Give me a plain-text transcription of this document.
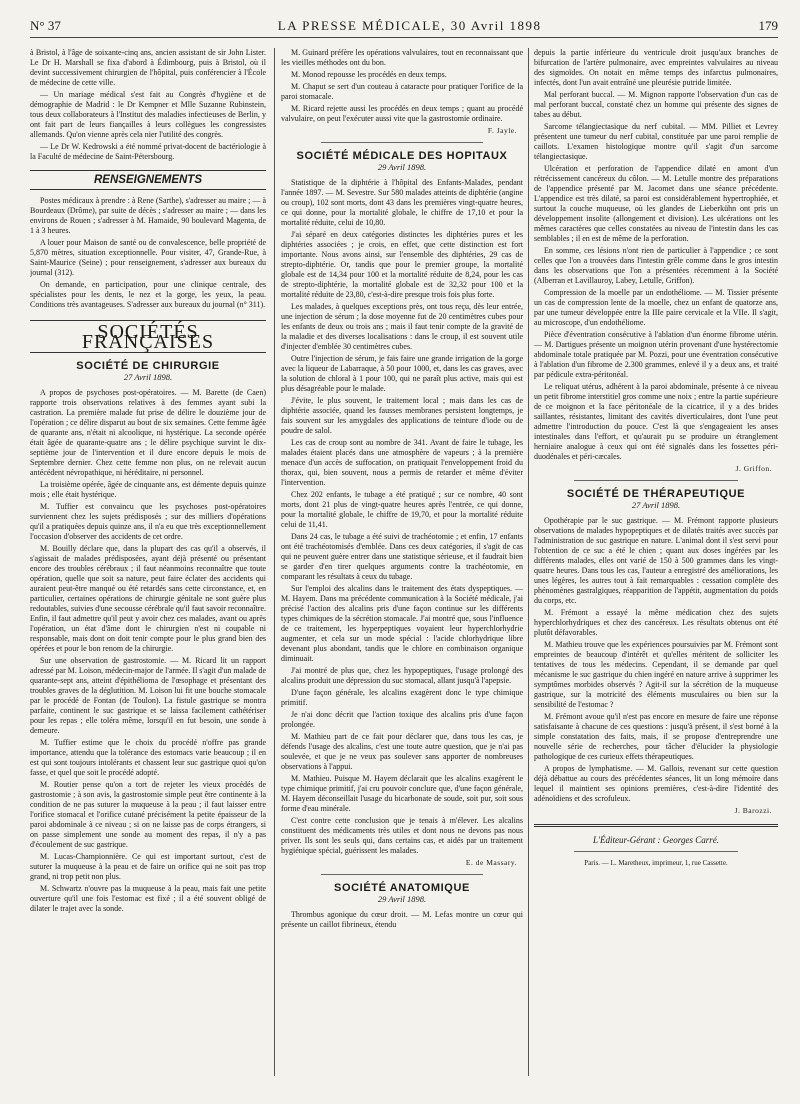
N° 37	LA PRESSE MÉDICALE, 30 Avril 1898	179

à Bristol, à l'âge de soixante-cinq ans, ancien assistant de sir John Lister. Le Dr H. Marshall se fixa d'abord à Édimbourg, puis à Bristol, où il devint successivement chirurgien de l'hôpital, puis conférencier à l'École de médecine de cette ville.

— Un mariage médical s'est fait au Congrès d'hygiène et de démographie de Madrid : le Dr Kempner et Mlle Suzanne Rubinstein, tous deux collaborateurs à l'Institut des maladies infectieuses de Berlin, y ont fait part de leurs fiançailles à leurs collègues les congressistes allemands. Qu'on vienne après cela nier l'utilité des congrès.

— Le Dr W. Kedrowski a été nommé privat-docent de bactériologie à la Faculté de médecine de Saint-Pétersbourg.

RENSEIGNEMENTS

Postes médicaux à prendre : à Rene (Sarthe), s'adresser au maire ; — à Bourdeaux (Drôme), par suite de décès ; s'adresser au maire ; — dans les environs de Rouen ; s'adresser à M. Hamaide, 90 boulevard Magenta, de 1 à 3 heures.

A louer pour Maison de santé ou de convalescence, belle propriété de 5,870 mètres, situation exceptionnelle. Pour visiter, 47, Grande-Rue, à Saint-Maurice (Seine) ; pour renseignement, s'adresser aux bureaux du journal (312).

On demande, en participation, pour une clinique centrale, des spécialistes pour les dents, le nez et la gorge, les yeux, la peau. Conditions très avantageuses. S'adresser aux bureaux du journal (n° 311).

SOCIÉTÉS FRANÇAISES
SOCIÉTÉ DE CHIRURGIE
27 Avril 1898.

A propos de psychoses post-opératoires. — M. Barette (de Caen) rapporte trois observations relatives à des femmes ayant subi la castration. La première malade fut prise de délire le douzième jour de l'opération ; ce délire disparut au bout de six semaines. Cette femme âgée de quarante ans, n'était ni alcoolique, ni hystérique. La seconde opérée était âgée de quarante-quatre ans ; le délire psychique survint le dix-septième jour de l'intervention et il dure encore depuis le mois de Septembre dernier. Chez cette femme non plus, on ne relevait aucun antécédent névropathique, ni héréditaire, ni personnel.

La troisième opérée, âgée de cinquante ans, est démente depuis quinze mois ; elle était hystérique.

M. Tuffier est convaincu que les psychoses post-opératoires surviennent chez les sujets prédisposés ; sur des milliers d'opérations qu'il a pratiquées depuis quinze ans, il n'a eu que très exceptionnellement l'occasion d'observer des accidents de cet ordre.

M. Bouilly déclare que, dans la plupart des cas qu'il a observés, il s'agissait de malades prédisposées, ayant déjà présenté ou présentant encore des troubles cérébraux ; il faut néanmoins reconnaître que toute opération, quelle que soit sa nature, peut faire éclater des accidents qui auraient peut-être manqué ou été retardés sans cette circonstance, et, en particulier, certaines opérations de chirurgie génitale ne sont guère plus redoutables, suivies d'une secousse cérébrale qu'il faut savoir reconnaître. Enfin, il faut admettre qu'il peut y avoir chez ces malades, avant ou après l'opération, un état d'âme dont le chirurgien n'est ni coupable ni responsable, mais dont on doit tenir compte pour le plus grand bien des opérées et pour le bon renom de la chirurgie.

Sur une observation de gastrostomie. — M. Ricard lit un rapport adressé par M. Loison, médecin-major de l'armée. Il s'agit d'un malade de quarante-sept ans, atteint d'épithélioma de l'œsophage et présentant des troubles graves de la déglutition. M. Loison lui fit une bouche stomacale par le procédé de Fontan (de Toulon). La fistule gastrique se montra parfaite, continent le suc gastrique et se laissa facilement cathétériser pour les repas ; elle toléra même, lorsqu'il en fut besoin, une sonde à demeure.

M. Tuffier estime que le choix du procédé n'offre pas grande importance, attendu que la tolérance des estomacs varie beaucoup ; il en est qui sont toujours intolérants et chassent leur suc gastrique quoi qu'on fasse, et quel que soit le procédé adopté.

M. Routier pense qu'on a tort de rejeter les vieux procédés de gastrostomie ; à son avis, la gastrostomie simple peut être continente à la condition de ne pas suturer la muqueuse à la peau ; il faut laisser entre l'orifice stomacal et l'orifice cutané précisément la petite épaisseur de la paroi abdominale à ce niveau ; si on ne laisse pas de corps étrangers, si on passe simplement une sonde au moment des repas, il n'y a pas d'écoulement de suc gastrique.

M. Lucas-Championnière. Ce qui est important surtout, c'est de suturer la muqueuse à la peau et de faire un orifice qui ne soit pas trop grand, ni trop petit non plus.

M. Schwartz n'ouvre pas la muqueuse à la peau, mais fait une petite ouverture qu'il une fois l'estomac est fixé ; il a été souvent obligé de dilater le trajet avec la sonde.

M. Guinard préfère les opérations valvulaires, tout en reconnaissant que les vieilles méthodes ont du bon.

M. Monod repousse les procédés en deux temps.

M. Chaput se sert d'un couteau à cataracte pour pratiquer l'orifice de la paroi stomacale.

M. Ricard rejette aussi les procédés en deux temps ; quant au procédé valvulaire, on peut l'exécuter aussi vite que la gastrostomie ordinaire.

F. Jayle.
SOCIÉTÉ MÉDICALE DES HOPITAUX
29 Avril 1898.

Statistique de la diphtérie à l'hôpital des Enfants-Malades, pendant l'année 1897. — M. Sevestre. Sur 580 malades atteints de diphtérie (angine ou croup), 102 sont morts, dont 43 dans les premières vingt-quatre heures, ce qui donne, pour la mortalité globale, le chiffre de 17,10 et pour la mortalité réduite, celui de 10,80.

J'ai séparé en deux catégories distinctes les diphtéries pures et les diphtéries associées ; je crois, en effet, que cette distinction est fort importante. Nous avons ainsi, sur l'ensemble des diphtéries, 29 cas de strepto-diphtérie. Or, tandis que pour le premier groupe, la mortalité globale est de 14,34 pour 100 et la mortalité réduite de 8,24, pour les cas de strepto-diphtérie, la mortalité globale est de 32,32 pour 100 et la mortalité réduite de 23,80, c'est-à-dire presque trois fois plus forte.

Les malades, à quelques exceptions près, ont tous reçu, dès leur entrée, une injection de sérum ; la dose moyenne fut de 20 centimètres cubes pour les enfants de deux ou trois ans ; mais il faut tenir compte de la gravité de la maladie et des diverses localisations : dans le croup, il est souvent utile d'injecter d'emblée 30 centimètres cubes.

Outre l'injection de sérum, je fais faire une grande irrigation de la gorge avec la liqueur de Labarraque, à 50 pour 1000, et, dans les cas graves, avec la solution de chloral à 1 pour 100, qui ne paraît plus active, mais qui est plus désagréable pour le malade.

J'évite, le plus souvent, le traitement local ; mais dans les cas de diphtérie associée, quand les fausses membranes persistent longtemps, je fais souvent sur les amygdales des applications de teinture d'iode ou de poudre de salol.

Les cas de croup sont au nombre de 341. Avant de faire le tubage, les malades étaient placés dans une atmosphère de vapeurs ; à la première menace d'un accès de suffocation, on pratiquait l'enveloppement froid du thorax, qui, bien souvent, nous a permis de retarder et même d'éviter l'intervention.

Chez 202 enfants, le tubage a été pratiqué ; sur ce nombre, 40 sont morts, dont 21 plus de vingt-quatre heures après l'entrée, ce qui donne, pour la mortalité globale, le chiffre de 19,70, et pour la mortalité réduite celui de 11,41.

Dans 24 cas, le tubage a été suivi de trachéotomie ; et enfin, 17 enfants ont été trachéotomisés d'emblée. Dans ces deux catégories, il s'agit de cas qui ne peuvent guère entrer dans une statistique sérieuse, et il faudrait bien se garder d'en tirer quelques arguments contre la trachéotomie, en comparant les résultats à ceux du tubage.

Sur l'emploi des alcalins dans le traitement des états dyspeptiques. — M. Hayem. Dans ma précédente communication à la Société médicale, j'ai précisé l'action des alcalins pris d'une façon continue sur les différents types chimiques de la sécrétion stomacale. J'ai montré que, sous l'influence de ce traitement, les hyperpeptiques voyaient leur hyperchlorhydrie augmenter, et cela sur un mode spécial : l'acide chlorhydrique libre devenant plus abondant, tandis que le chlore en combinaison organique diminuait.

J'ai montré de plus que, chez les hypopeptiques, l'usage prolongé des alcalins produit une dépression du suc stomacal, allant jusqu'à l'apepsie.

D'une façon générale, les alcalins exagèrent donc le type chimique primitif.

Je n'ai donc décrit que l'action toxique des alcalins pris d'une façon prolongée.

M. Mathieu part de ce fait pour déclarer que, dans tous les cas, je défends l'usage des alcalins, c'est une toute autre question, que je n'ai pas soulevée, et que je ne veux pas soulever sans apporter de nombreuses observations à l'appui.

M. Mathieu. Puisque M. Hayem déclarait que les alcalins exagèrent le type chimique primitif, j'ai cru pouvoir conclure que, d'une façon générale, M. Hayem déconseillait l'usage du bicarbonate de soude, soit pur, soit sous forme d'eau minérale.

C'est contre cette conclusion que je tenais à m'élever. Les alcalins constituent des médicaments très utiles et dont nous ne devons pas nous priver. Ils sont les seuls qui, dans certains cas, et aidés par un traitement hygiénique spécial, guérissent les malades.

E. de Massary.
SOCIÉTÉ ANATOMIQUE
29 Avril 1898.

Thrombus agonique du cœur droit. — M. Lefas montre un cœur qui présente un caillot fibrineux, étendu

depuis la partie inférieure du ventricule droit jusqu'aux branches de bifurcation de l'artère pulmonaire, avec empreintes valvulaires au niveau des sigmoïdes. On notait en même temps des infarctus pulmonaires, infectés, dont l'un avait entraîné une pleurésie putride limitée.

Mal perforant buccal. — M. Mignon rapporte l'observation d'un cas de mal perforant buccal, constaté chez un homme qui présente des signes de tabes au début.

Sarcome télangiectasique du nerf cubital. — MM. Pilliet et Levrey présentent une tumeur du nerf cubital, constituée par une paroi remplie de caillots. L'examen histologique montre qu'il s'agit d'un sarcome télangiectasique.

Ulcération et perforation de l'appendice dilaté en amont d'un rétrécissement cancéreux du côlon. — M. Letulle montre des préparations de l'appendice présenté par M. Jacomet dans une séance précédente. L'appendice est très dilaté, sa paroi est considérablement hypertrophiée, et surtout la couche muqueuse, où les glandes de Lieberkühn ont pris un développement insolite (allongement et division). Les ulcérations ont les mêmes caractères que celles constatées au niveau de l'intestin dans les cas semblables ; il en est de même de la perforation.

En somme, ces lésions n'ont rien de particulier à l'appendice ; ce sont celles que l'on a trouvées dans l'intestin grêle comme dans le gros intestin dans les observations que l'on a présentées récemment à la Société (Alberran et Lavillauroy, Labey, Letulle, Griffon).

Compression de la moelle par un endothéliome. — M. Tissier présente un cas de compression lente de la moelle, chez un enfant de quatorze ans, par une tumeur développée entre la IIIe paire cervicale et la VIIe. Il s'agit, au microscope, d'un endothéliome.

Pièce d'éventration consécutive à l'ablation d'un énorme fibrome utérin. — M. Dartigues présente un moignon utérin provenant d'une hystérectomie abdominale totale pratiquée par M. Pozzi, pour une éventration consécutive à l'ablation d'un fibrome de 2.300 grammes, enlevé il y a deux ans, et traité par pédicule extra-péritonéal.

Le reliquat utérus, adhérent à la paroi abdominale, présente à ce niveau un petit fibrome interstitiel gros comme une noix ; entre la partie supérieure de ce moignon et la face péritonéale de la cicatrice, il y a des brides saillantes, résistantes, limitant des cavités diverticulaires, dont l'une peut admettre l'introduction du pouce. C'est là que s'engageaient les anses intestinales dans l'effort, et qu'aurait pu se produire un étranglement herniaire analogue à ceux qui ont été signalés dans les fossettes péri-duodénales et péri-cæcales.

J. Griffon.
SOCIÉTÉ DE THÉRAPEUTIQUE
27 Avril 1898.

Opothérapie par le suc gastrique. — M. Frémont rapporte plusieurs observations de malades hypopeptiques et de dilatés traités avec succès par l'administration de suc gastrique en nature. L'animal dont il s'est servi pour l'obtention de ce suc a été le chien ; quant aux doses ingérées par les différents malades, elles ont varié de 150 à 500 grammes dans les vingt-quatre heures. Dans tous les cas, l'auteur a enregistré des améliorations, les unes légères, les autres tout à fait remarquables : cessation complète des phénomènes gastralgiques, réapparition de l'appétit, augmentation du poids du corps, etc.

M. Frémont a essayé la même médication chez des sujets hyperchlorhydriques et chez des cancéreux. Les résultats obtenus ont été plutôt défavorables.

M. Mathieu trouve que les expériences poursuivies par M. Frémont sont empreintes de beaucoup d'intérêt et qu'elles méritent de solliciter les tentatives de tous les médecins. Cependant, il se demande par quel mécanisme le suc gastrique du chien ingéré en nature arrive à supprimer les symptômes morbides observés ? Agit-il sur la sécrétion de la muqueuse gastrique, sur la motricité des éléments musculaires ou bien sur la sensibilité de l'estomac ?

M. Frémont avoue qu'il n'est pas encore en mesure de faire une réponse satisfaisante à chacune de ces questions : jusqu'à présent, il s'est borné à la simple constatation des faits, mais, il se propose d'entreprendre une nouvelle série de recherches, pour tâcher d'élucider la physiologie pathologique de ces curieux effets thérapeutiques.

A propos de lymphatisme. — M. Gallois, revenant sur cette question déjà débattue au cours des précédentes séances, lit un long mémoire dans lequel il maintient ses opinions premières, c'est-à-dire l'identité des adénoïdiens et des scrofuleux.

J. Barozzi.
L'Éditeur-Gérant : Georges Carré.
Paris. — L. Maretheux, imprimeur, 1, rue Cassette.
